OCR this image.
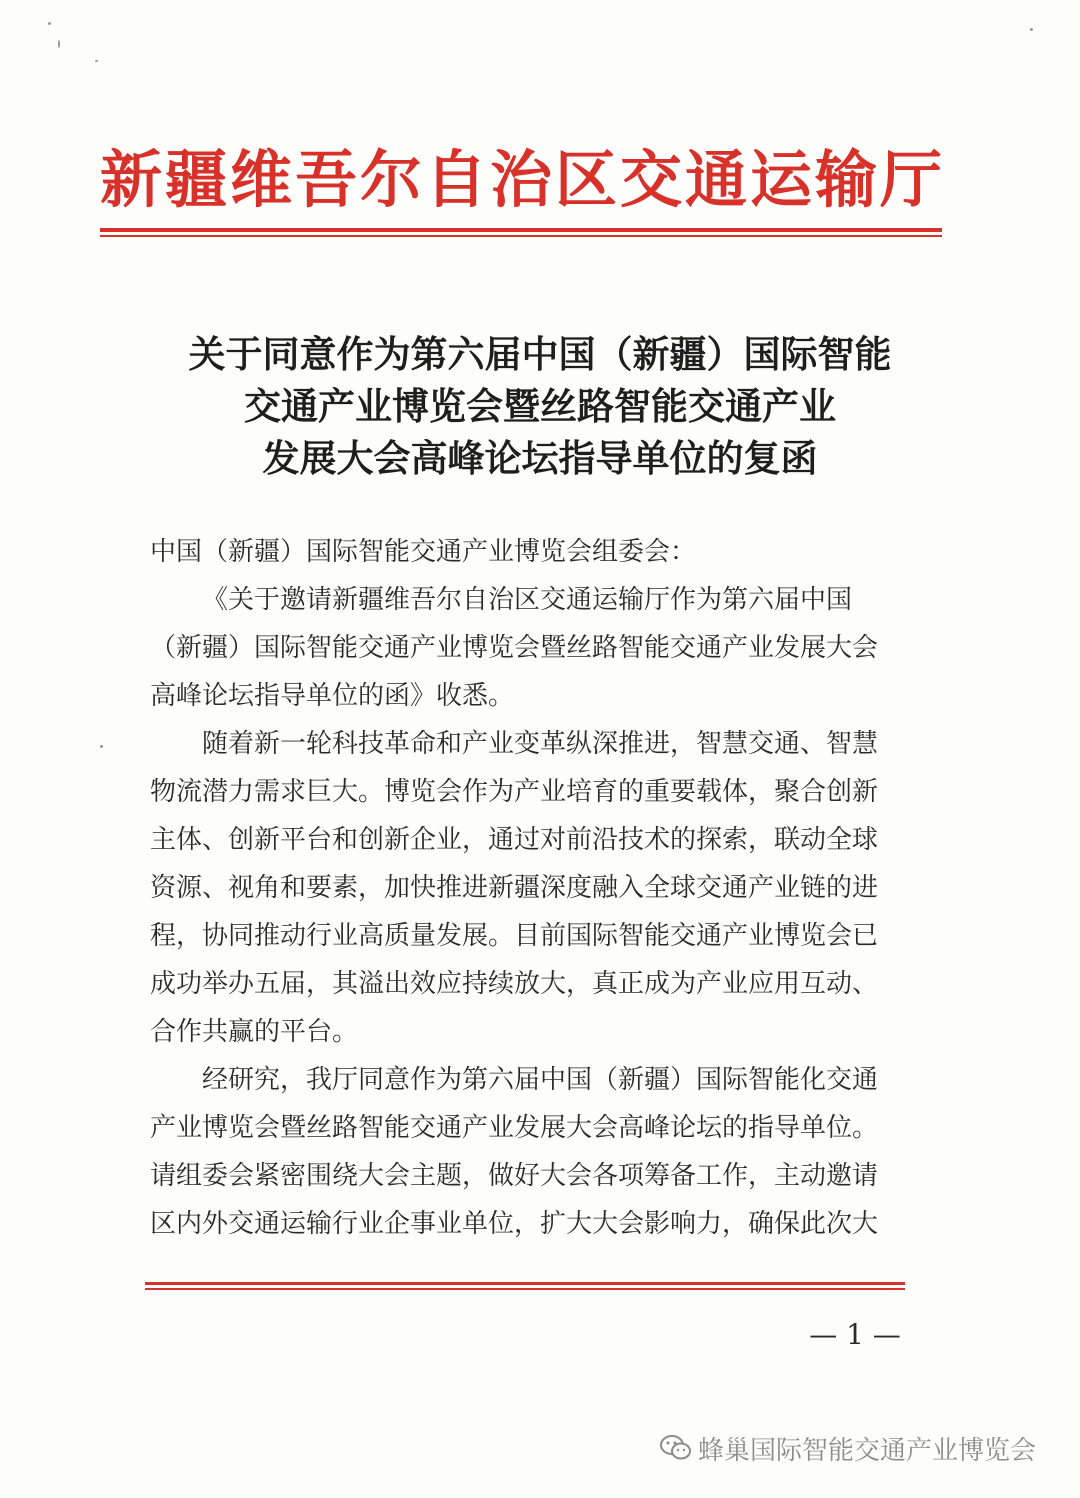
新疆维吾尔自治区交通运输厅
关于同意作为第六届中国（新疆）国际智能
交通产业博览会暨丝路智能交通产业
发展大会高峰论坛指导单位的复函
中国（新疆）国际智能交通产业博览会组委会：
《关于邀请新疆维吾尔自治区交通运输厅作为第六届中国
（新疆）国际智能交通产业博览会暨丝路智能交通产业发展大会
高峰论坛指导单位的函》收悉。
随着新一轮科技革命和产业变革纵深推进，智慧交通、智慧
物流潜力需求巨大。博览会作为产业培育的重要载体，聚合创新
主体、创新平台和创新企业，通过对前沿技术的探索，联动全球
资源、视角和要素，加快推进新疆深度融入全球交通产业链的进
程，协同推动行业高质量发展。目前国际智能交通产业博览会已
成功举办五届，其溢出效应持续放大，真正成为产业应用互动、
合作共赢的平台。
经研究，我厅同意作为第六届中国（新疆）国际智能化交通
产业博览会暨丝路智能交通产业发展大会高峰论坛的指导单位。
请组委会紧密围绕大会主题，做好大会各项筹备工作，主动邀请
区内外交通运输行业企事业单位，扩大大会影响力，确保此次大
— 1 —
蜂巢国际智能交通产业博览会
